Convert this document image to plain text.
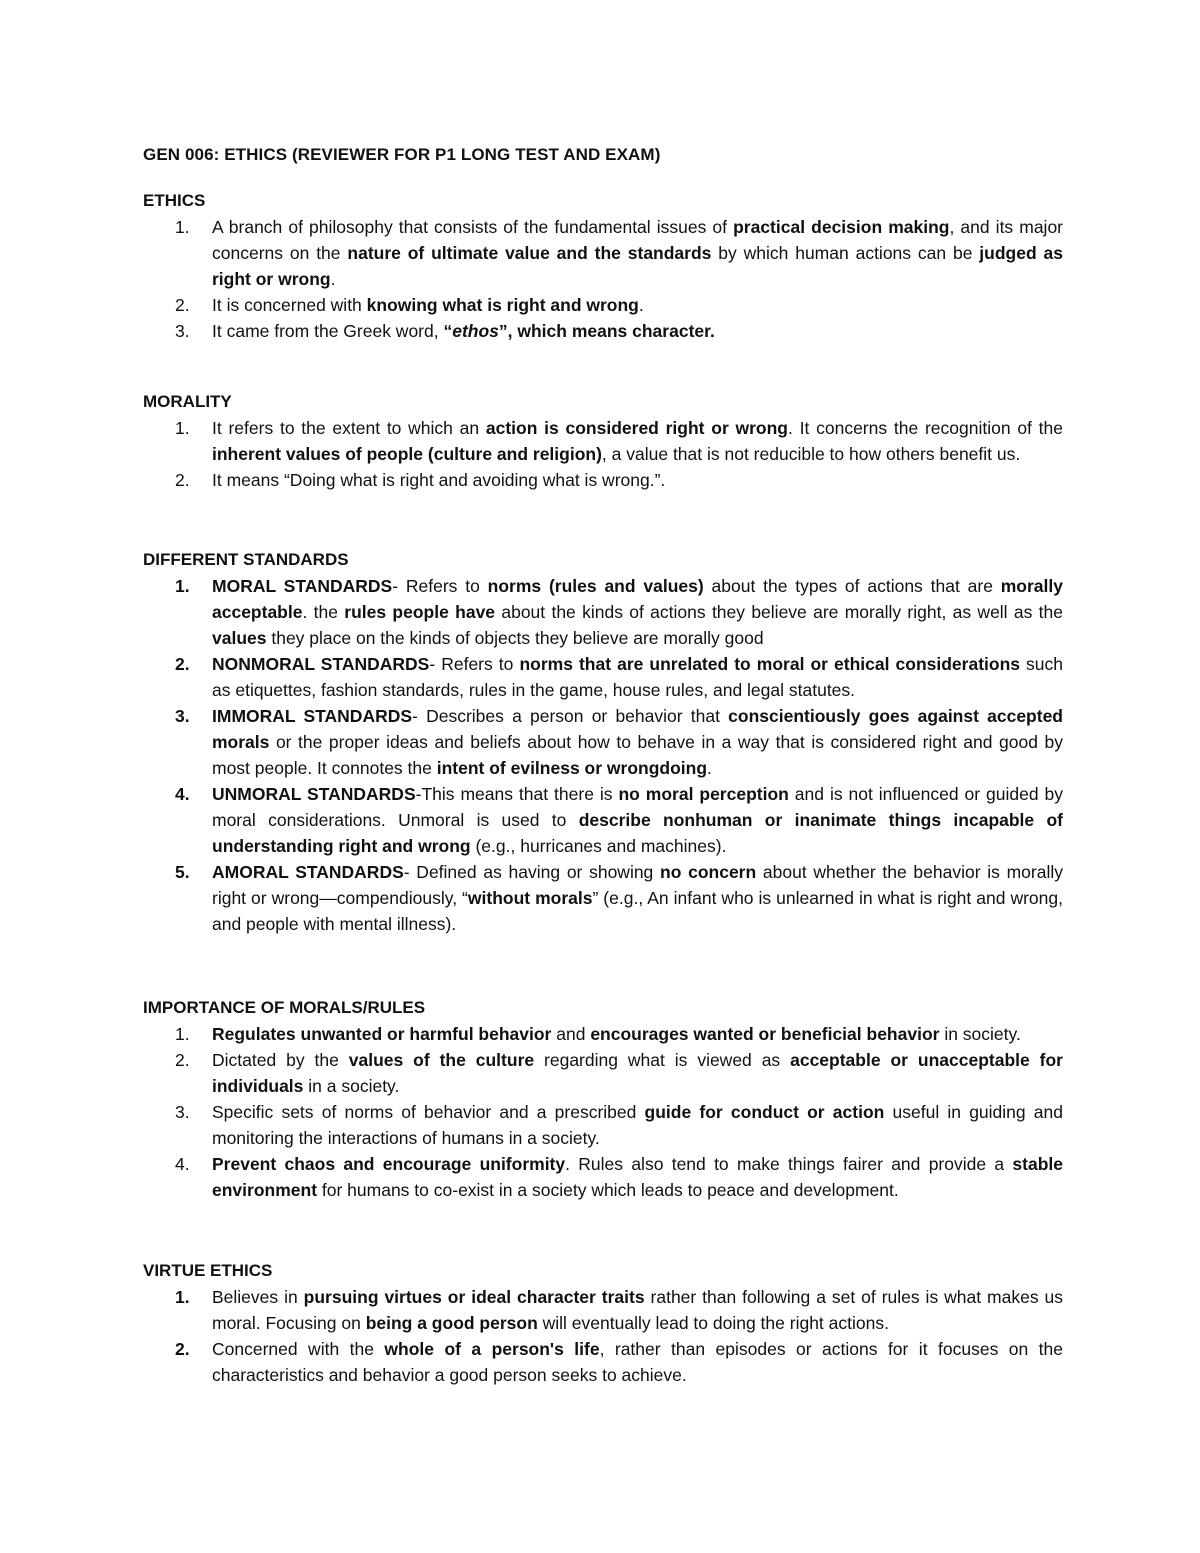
GEN 006: ETHICS (REVIEWER FOR P1 LONG TEST AND EXAM)
ETHICS
1. A branch of philosophy that consists of the fundamental issues of practical decision making, and its major concerns on the nature of ultimate value and the standards by which human actions can be judged as right or wrong.
2. It is concerned with knowing what is right and wrong.
3. It came from the Greek word, “ethos”, which means character.
MORALITY
1. It refers to the extent to which an action is considered right or wrong. It concerns the recognition of the inherent values of people (culture and religion), a value that is not reducible to how others benefit us.
2. It means “Doing what is right and avoiding what is wrong.”.
DIFFERENT STANDARDS
1. MORAL STANDARDS- Refers to norms (rules and values) about the types of actions that are morally acceptable. the rules people have about the kinds of actions they believe are morally right, as well as the values they place on the kinds of objects they believe are morally good
2. NONMORAL STANDARDS- Refers to norms that are unrelated to moral or ethical considerations such as etiquettes, fashion standards, rules in the game, house rules, and legal statutes.
3. IMMORAL STANDARDS- Describes a person or behavior that conscientiously goes against accepted morals or the proper ideas and beliefs about how to behave in a way that is considered right and good by most people. It connotes the intent of evilness or wrongdoing.
4. UNMORAL STANDARDS-This means that there is no moral perception and is not influenced or guided by moral considerations. Unmoral is used to describe nonhuman or inanimate things incapable of understanding right and wrong (e.g., hurricanes and machines).
5. AMORAL STANDARDS- Defined as having or showing no concern about whether the behavior is morally right or wrong—compendiously, “without morals” (e.g., An infant who is unlearned in what is right and wrong, and people with mental illness).
IMPORTANCE OF MORALS/RULES
1. Regulates unwanted or harmful behavior and encourages wanted or beneficial behavior in society.
2. Dictated by the values of the culture regarding what is viewed as acceptable or unacceptable for individuals in a society.
3. Specific sets of norms of behavior and a prescribed guide for conduct or action useful in guiding and monitoring the interactions of humans in a society.
4. Prevent chaos and encourage uniformity. Rules also tend to make things fairer and provide a stable environment for humans to co-exist in a society which leads to peace and development.
VIRTUE ETHICS
1. Believes in pursuing virtues or ideal character traits rather than following a set of rules is what makes us moral. Focusing on being a good person will eventually lead to doing the right actions.
2. Concerned with the whole of a person's life, rather than episodes or actions for it focuses on the characteristics and behavior a good person seeks to achieve.
